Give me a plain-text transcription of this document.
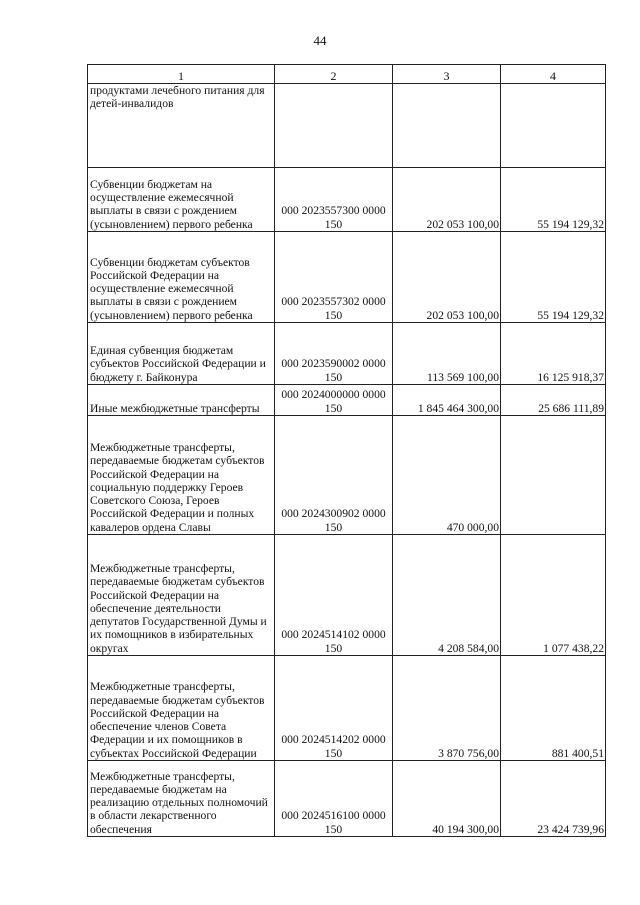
44
1	2	3	4
продуктами лечебного питания для детей-инвалидов			
Субвенции бюджетам на осуществление ежемесячной выплаты в связи с рождением (усыновлением) первого ребенка	000 2023557300 0000 150	202 053 100,00	55 194 129,32
Субвенции бюджетам субъектов Российской Федерации на осуществление ежемесячной выплаты в связи с рождением (усыновлением) первого ребенка	000 2023557302 0000 150	202 053 100,00	55 194 129,32
Единая субвенция бюджетам субъектов Российской Федерации и бюджету г. Байконура	000 2023590002 0000 150	113 569 100,00	16 125 918,37
Иные межбюджетные трансферты	000 2024000000 0000 150	1 845 464 300,00	25 686 111,89
Межбюджетные трансферты, передаваемые бюджетам субъектов Российской Федерации на социальную поддержку Героев Советского Союза, Героев Российской Федерации и полных кавалеров ордена Славы	000 2024300902 0000 150	470 000,00	
Межбюджетные трансферты, передаваемые бюджетам субъектов Российской Федерации на обеспечение деятельности депутатов Государственной Думы и их помощников в избирательных округах	000 2024514102 0000 150	4 208 584,00	1 077 438,22
Межбюджетные трансферты, передаваемые бюджетам субъектов Российской Федерации на обеспечение членов Совета Федерации и их помощников в субъектах Российской Федерации	000 2024514202 0000 150	3 870 756,00	881 400,51
Межбюджетные трансферты, передаваемые бюджетам на реализацию отдельных полномочий в области лекарственного обеспечения	000 2024516100 0000 150	40 194 300,00	23 424 739,96
